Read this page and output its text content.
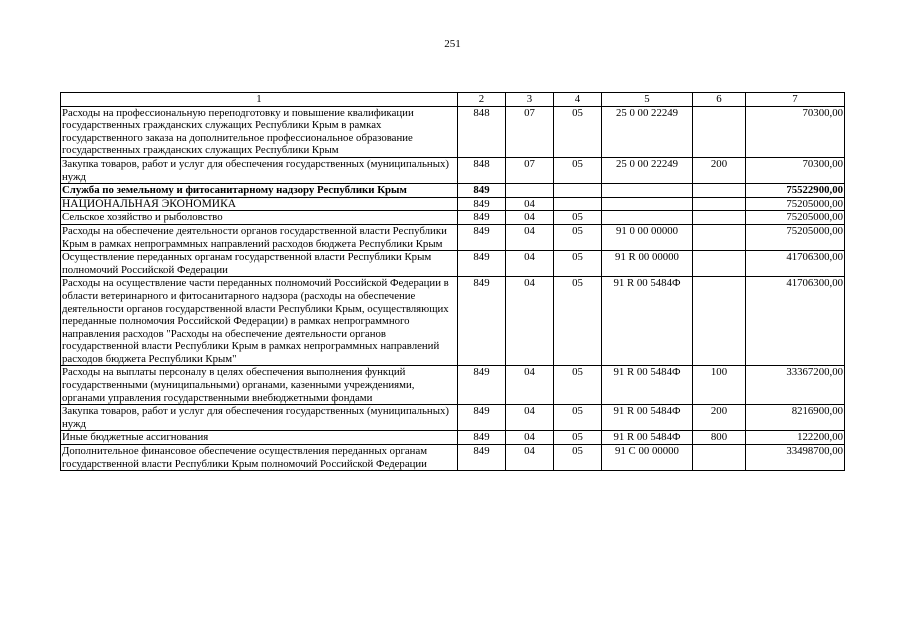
251
1	2	3	4	5	6	7
Расходы на профессиональную переподготовку и повышение квалификации государственных гражданских служащих Республики Крым в рамках государственного заказа на дополнительное профессиональное образование государственных гражданских служащих Республики Крым	848	07	05	25 0 00 22249		70300,00
Закупка товаров, работ и услуг для обеспечения государственных (муниципальных) нужд	848	07	05	25 0 00 22249	200	70300,00
Служба по земельному и фитосанитарному надзору Республики Крым	849					75522900,00
НАЦИОНАЛЬНАЯ ЭКОНОМИКА	849	04				75205000,00
Сельское хозяйство и рыболовство	849	04	05			75205000,00
Расходы на обеспечение деятельности органов государственной власти Республики Крым в рамках непрограммных направлений расходов бюджета Республики Крым	849	04	05	91 0 00 00000		75205000,00
Осуществление переданных органам государственной власти Республики Крым полномочий Российской Федерации	849	04	05	91 R 00 00000		41706300,00
Расходы на осуществление части переданных полномочий Российской Федерации в области ветеринарного и фитосанитарного надзора (расходы на обеспечение деятельности органов государственной власти Республики Крым, осуществляющих переданные полномочия Российской Федерации) в рамках непрограммного направления расходов "Расходы на обеспечение деятельности органов государственной власти Республики Крым в рамках непрограммных направлений расходов бюджета Республики Крым"	849	04	05	91 R 00 5484Ф		41706300,00
Расходы на выплаты персоналу в целях обеспечения выполнения функций государственными (муниципальными) органами, казенными учреждениями, органами управления государственными внебюджетными фондами	849	04	05	91 R 00 5484Ф	100	33367200,00
Закупка товаров, работ и услуг для обеспечения государственных (муниципальных) нужд	849	04	05	91 R 00 5484Ф	200	8216900,00
Иные бюджетные ассигнования	849	04	05	91 R 00 5484Ф	800	122200,00
Дополнительное финансовое обеспечение осуществления переданных органам государственной власти Республики Крым полномочий Российской Федерации	849	04	05	91 С 00 00000		33498700,00
